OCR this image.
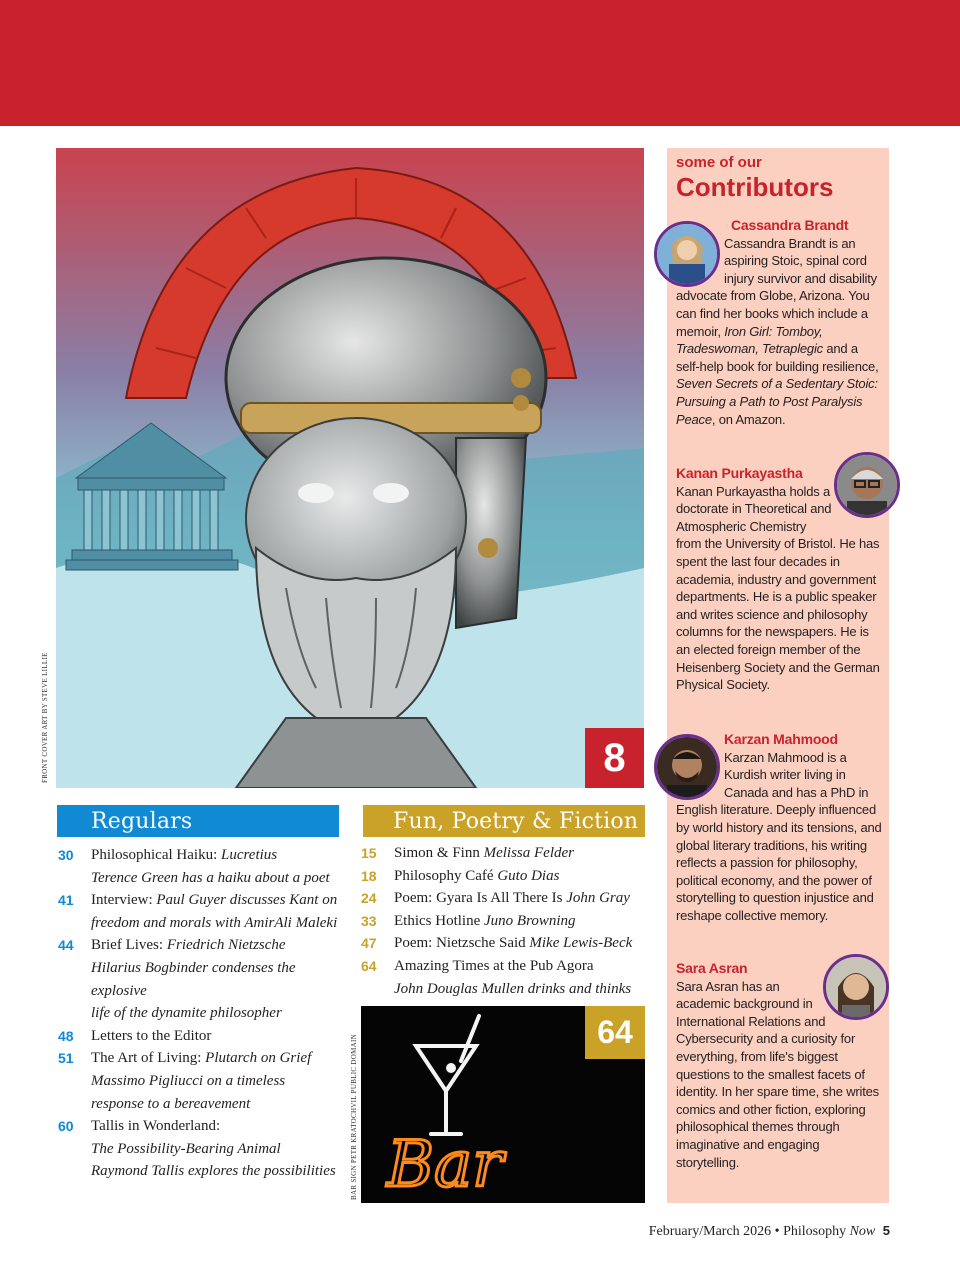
8
FRONT COVER ART BY STEVE LILLIE
Regulars
30	Philosophical Haiku: Lucretius
Terence Green has a haiku about a poet
41	Interview: Paul Guyer discusses Kant on
freedom and morals with AmirAli Maleki
44	Brief Lives: Friedrich Nietzsche
Hilarius Bogbinder condenses the explosive
life of the dynamite philosopher
48	Letters to the Editor
51	The Art of Living: Plutarch on Grief
Massimo Pigliucci on a timeless
response to a bereavement
60	Tallis in Wonderland:
The Possibility-Bearing Animal
Raymond Tallis explores the possibilities
Fun, Poetry & Fiction
15	Simon & Finn Melissa Felder
18	Philosophy Café Guto Dias
24	Poem: Gyara Is All There Is John Gray
33	Ethics Hotline Juno Browning
47	Poem: Nietzsche Said Mike Lewis-Beck
64	Amazing Times at the Pub Agora
John Douglas Mullen drinks and thinks
Bar
64
BAR SIGN PETR KRATOCHVIL PUBLIC DOMAIN
some of our
Contributors
Cassandra Brandt
Cassandra Brandt is an aspiring Stoic, spinal cord injury survivor and disability advocate from Globe, Arizona. You can find her books which include a memoir, Iron Girl: Tomboy, Tradeswoman, Tetraplegic and a self-help book for building resilience, Seven Secrets of a Sedentary Stoic: Pursuing a Path to Post Paralysis Peace, on Amazon.
Kanan Purkayastha
Kanan Purkayastha holds a doctorate in Theoretical and Atmospheric Chemistry from the University of Bristol. He has spent the last four decades in academia, industry and government departments. He is a public speaker and writes science and philosophy columns for the newspapers. He is an elected foreign member of the Heisenberg Society and the German Physical Society.
Karzan Mahmood
Karzan Mahmood is a Kurdish writer living in Canada and has a PhD in English literature. Deeply influenced by world history and its tensions, and global literary traditions, his writing reflects a passion for philosophy, political economy, and the power of storytelling to question injustice and reshape collective memory.
Sara Asran
Sara Asran has an academic background in International Relations and Cybersecurity and a curiosity for everything, from life's biggest questions to the smallest facets of identity. In her spare time, she writes comics and other fiction, exploring philosophical themes through imaginative and engaging storytelling.
February/March 2026 • Philosophy Now 5
